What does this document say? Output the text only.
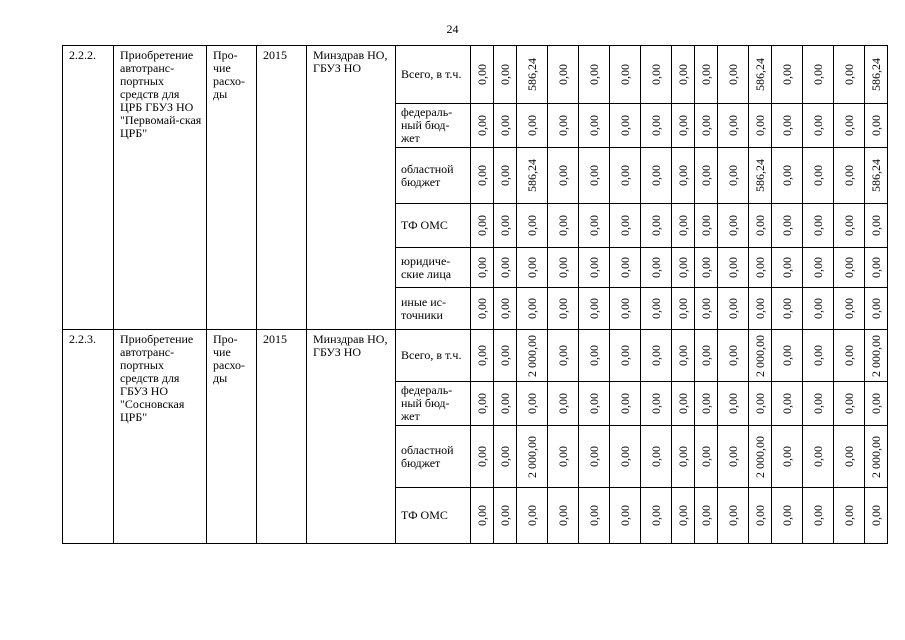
24
2.2.2.	Приобретение автотранс-портных средств для ЦРБ ГБУЗ НО "Первомай-ская ЦРБ"	Про-чие расхо-ды	2015	Минздрав НО, ГБУЗ НО	Всего, в т.ч.	0,00	0,00	586,24	0,00	0,00	0,00	0,00	0,00	0,00	0,00	586,24	0,00	0,00	0,00	586,24

					федераль-ный бюд-жет	0,00	0,00	0,00	0,00	0,00	0,00	0,00	0,00	0,00	0,00	0,00	0,00	0,00	0,00	0,00

					областной бюджет	0,00	0,00	586,24	0,00	0,00	0,00	0,00	0,00	0,00	0,00	586,24	0,00	0,00	0,00	586,24

					ТФ ОМС	0,00	0,00	0,00	0,00	0,00	0,00	0,00	0,00	0,00	0,00	0,00	0,00	0,00	0,00	0,00

					юридиче-ские лица	0,00	0,00	0,00	0,00	0,00	0,00	0,00	0,00	0,00	0,00	0,00	0,00	0,00	0,00	0,00

					иные ис-точники	0,00	0,00	0,00	0,00	0,00	0,00	0,00	0,00	0,00	0,00	0,00	0,00	0,00	0,00	0,00

2.2.3.	Приобретение автотранс-портных средств для ГБУЗ НО "Сосновская ЦРБ"	Про-чие расхо-ды	2015	Минздрав НО, ГБУЗ НО	Всего, в т.ч.	0,00	0,00	2 000,00	0,00	0,00	0,00	0,00	0,00	0,00	0,00	2 000,00	0,00	0,00	0,00	2 000,00

					федераль-ный бюд-жет	0,00	0,00	0,00	0,00	0,00	0,00	0,00	0,00	0,00	0,00	0,00	0,00	0,00	0,00	0,00

					областной бюджет	0,00	0,00	2 000,00	0,00	0,00	0,00	0,00	0,00	0,00	0,00	2 000,00	0,00	0,00	0,00	2 000,00

					ТФ ОМС	0,00	0,00	0,00	0,00	0,00	0,00	0,00	0,00	0,00	0,00	0,00	0,00	0,00	0,00	0,00
